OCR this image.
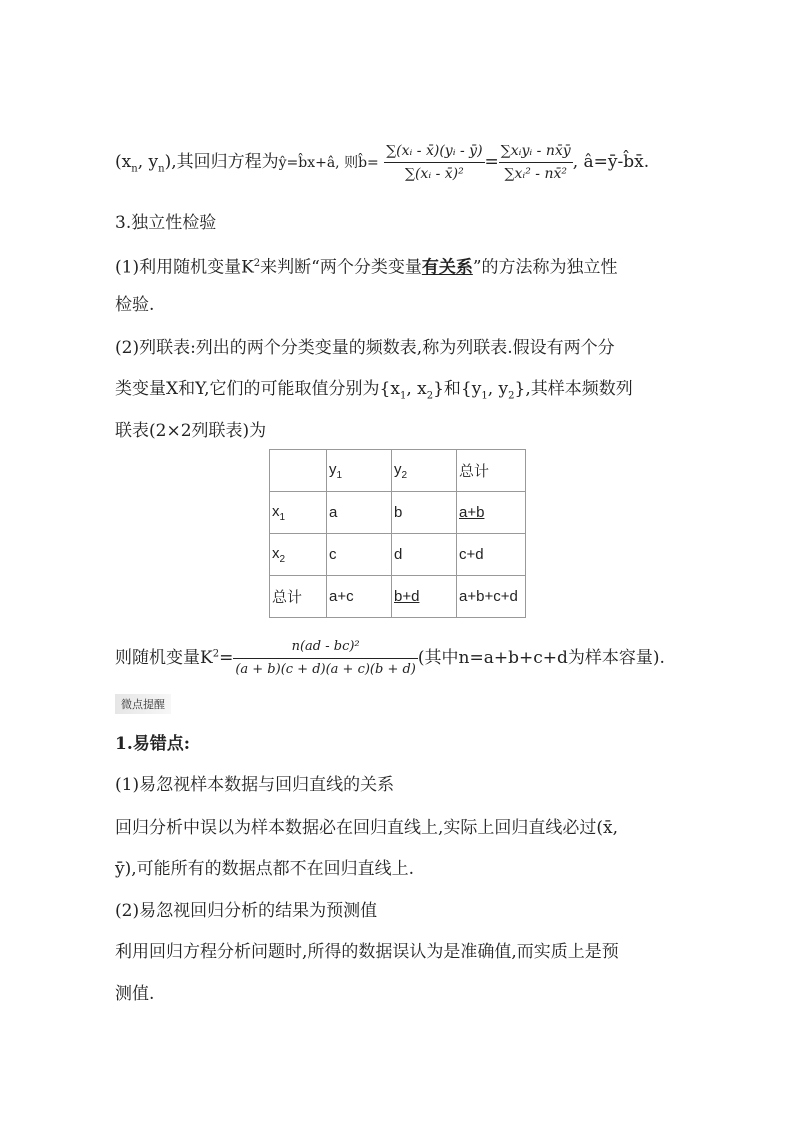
($x_n$, $y_n$),其回归方程为ŷ=b̂x+â, 则b̂= $\frac{\text{∑(xᵢ - x̄)(yᵢ - ȳ)}}{\text{∑(xᵢ - x̄)²}} = \frac{\text{∑xᵢyᵢ - nx̄ȳ}}{\text{∑xᵢ² - nx̄²}}$ , â=ȳ-b̂x̄.
3.独立性检验
(1)利用随机变量$K^2$来判断“两个分类变量有关系”的方法称为独立性
检验.
(2)列联表:列出的两个分类变量的频数表,称为列联表.假设有两个分
类变量X和Y,它们的可能取值分别为{$x_1$, $x_2$}和{$y_1$, $y_2$},其样本频数列
联表(2×2列联表)为
	$y_1$	$y_2$	总计
$x_1$	a	b	a+b
$x_2$	c	d	c+d
总计	a+c	b+d	a+b+c+d
则随机变量$K^2= \frac{\text{n(ad - bc)²}}{(a + b)(c + d)(a + c)(b + d)}$ (其中n=a+b+c+d为样本容量).
微点提醒
1.易错点:
(1)易忽视样本数据与回归直线的关系
回归分析中误以为样本数据必在回归直线上,实际上回归直线必过(x̄,
ȳ),可能所有的数据点都不在回归直线上.
(2)易忽视回归分析的结果为预测值
利用回归方程分析问题时,所得的数据误认为是准确值,而实质上是预
测值.
